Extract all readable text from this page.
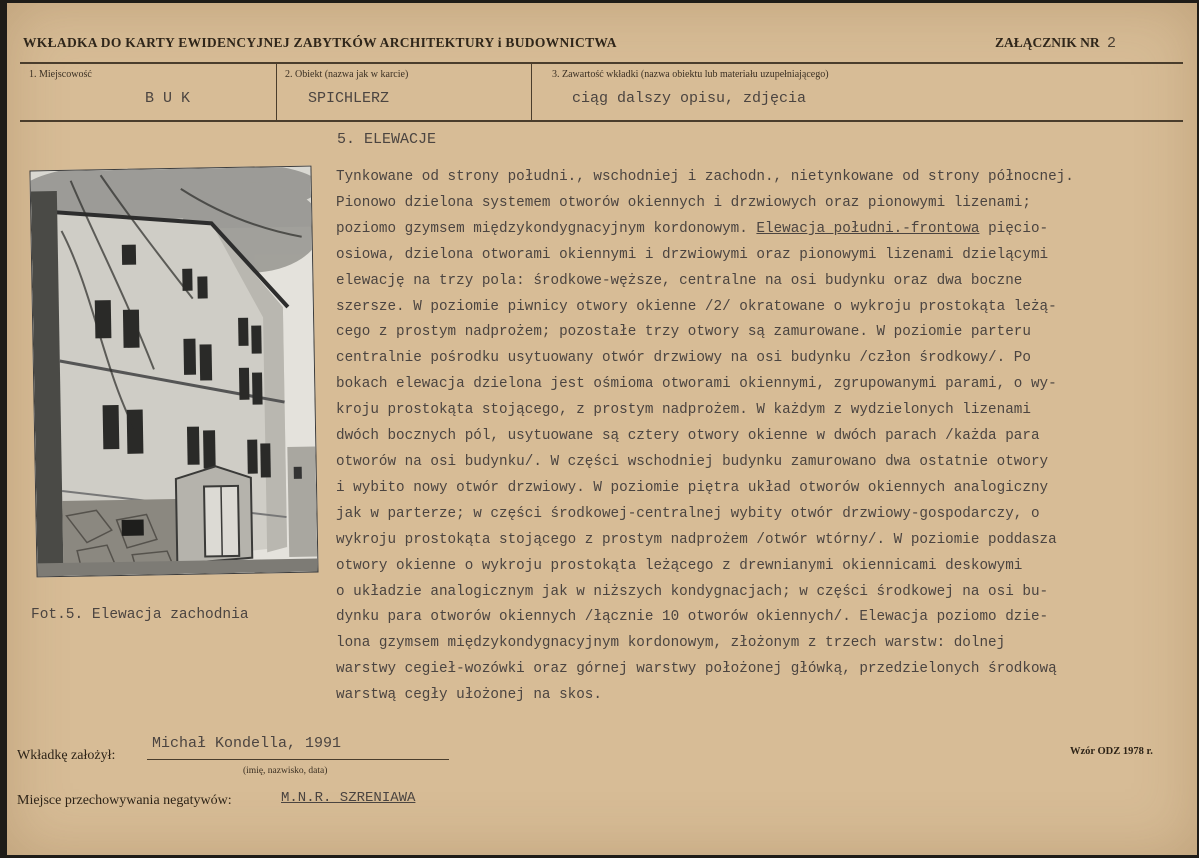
WKŁADKA DO KARTY EWIDENCYJNEJ ZABYTKÓW ARCHITEKTURY i BUDOWNICTWA	ZAŁĄCZNIK NR 2
1. Miejscowość
B U K
2. Obiekt (nazwa jak w karcie)
SPICHLERZ
3. Zawartość wkładki (nazwa obiektu lub materiału uzupełniającego)
ciąg dalszy opisu, zdjęcia
5. ELEWACJE
Tynkowane od strony południ., wschodniej i zachodn., nietynkowane od strony północnej.
Pionowo dzielona systemem otworów okiennych i drzwiowych oraz pionowymi lizenami;
poziomo gzymsem międzykondygnacyjnym kordonowym. Elewacja południ.-frontowa pięcio-
osiowa, dzielona otworami okiennymi i drzwiowymi oraz pionowymi lizenami dzielącymi
elewację na trzy pola: środkowe-węższe, centralne na osi budynku oraz dwa boczne
szersze. W poziomie piwnicy otwory okienne /2/ okratowane o wykroju prostokąta leżą-
cego z prostym nadprożem; pozostałe trzy otwory są zamurowane. W poziomie parteru
centralnie pośrodku usytuowany otwór drzwiowy na osi budynku /człon środkowy/. Po
bokach elewacja dzielona jest ośmioma otworami okiennymi, zgrupowanymi parami, o wy-
kroju prostokąta stojącego, z prostym nadprożem. W każdym z wydzielonych lizenami
dwóch bocznych pól, usytuowane są cztery otwory okienne w dwóch parach /każda para
otworów na osi budynku/. W części wschodniej budynku zamurowano dwa ostatnie otwory
i wybito nowy otwór drzwiowy. W poziomie piętra układ otworów okiennych analogiczny
jak w parterze; w części środkowej-centralnej wybity otwór drzwiowy-gospodarczy, o
wykroju prostokąta stojącego z prostym nadprożem /otwór wtórny/. W poziomie poddasza
otwory okienne o wykroju prostokąta leżącego z drewnianymi okiennicami deskowymi
o układzie analogicznym jak w niższych kondygnacjach; w części środkowej na osi bu-
dynku para otworów okiennych /łącznie 10 otworów okiennych/. Elewacja poziomo dzie-
lona gzymsem międzykondygnacyjnym kordonowym, złożonym z trzech warstw: dolnej
warstwy cegieł-wozówki oraz górnej warstwy położonej główką, przedzielonych środkową
warstwą cegły ułożonej na skos.
Fot.5. Elewacja zachodnia
Wkładkę założył:
Michał Kondella, 1991
(imię, nazwisko, data)
Wzór ODZ 1978 r.
Miejsce przechowywania negatywów:	M.N.R. SZRENIAWA
